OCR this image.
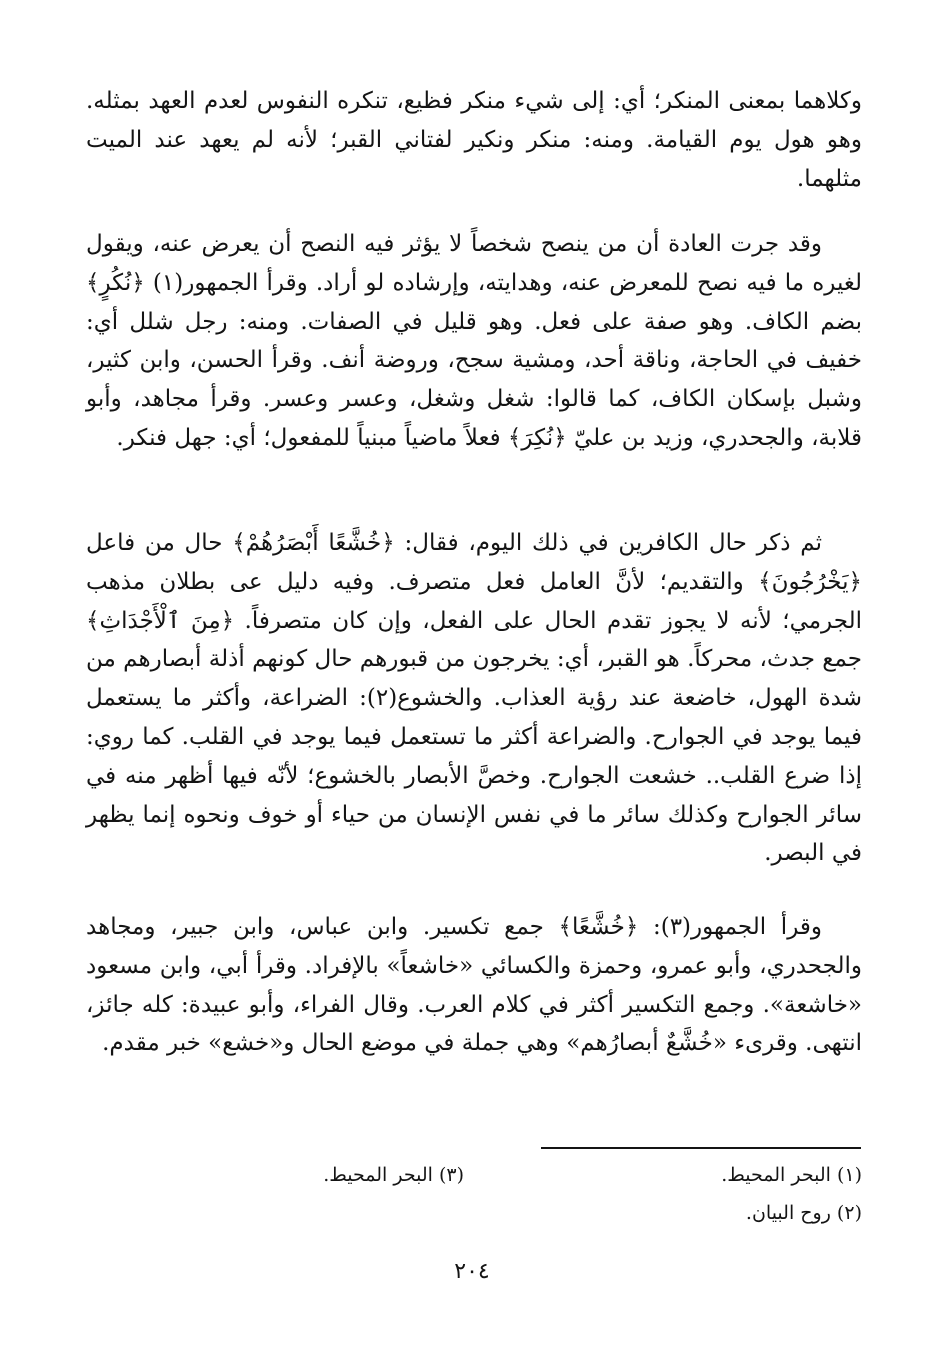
وكلاهما بمعنى المنكر؛ أي: إلى شيء منكر فظيع، تنكره النفوس لعدم العهد بمثله. وهو هول يوم القيامة. ومنه: منكر ونكير لفتاني القبر؛ لأنه لم يعهد عند الميت مثلهما.

وقد جرت العادة أن من ينصح شخصاً لا يؤثر فيه النصح أن يعرض عنه، ويقول لغيره ما فيه نصح للمعرض عنه، وهدايته، وإرشاده لو أراد. وقرأ الجمهور(١) ﴿نُكُرٍ﴾ بضم الكاف. وهو صفة على فعل. وهو قليل في الصفات. ومنه: رجل شلل أي: خفيف في الحاجة، وناقة أحد، ومشية سجح، وروضة أنف. وقرأ الحسن، وابن كثير، وشبل بإسكان الكاف، كما قالوا: شغل وشغل، وعسر وعسر. وقرأ مجاهد، وأبو قلابة، والجحدري، وزيد بن عليّ ﴿نُكِرَ﴾ فعلاً ماضياً مبنياً للمفعول؛ أي: جهل فنكر.

ثم ذكر حال الكافرين في ذلك اليوم، فقال: ﴿خُشَّعًا أَبْصَرُهُمْ﴾ حال من فاعل ﴿يَخْرُجُونَ﴾ والتقديم؛ لأنَّ العامل فعل متصرف. وفيه دليل عى بطلان مذهب الجرمي؛ لأنه لا يجوز تقدم الحال على الفعل، وإن كان متصرفاً. ﴿مِنَ ٱلْأَجْدَاثِ﴾ جمع جدث، محركاً. هو القبر، أي: يخرجون من قبورهم حال كونهم أذلة أبصارهم من شدة الهول، خاضعة عند رؤية العذاب. والخشوع(٢): الضراعة، وأكثر ما يستعمل فيما يوجد في الجوارح. والضراعة أكثر ما تستعمل فيما يوجد في القلب. كما روي: إذا ضرع القلب.. خشعت الجوارح. وخصَّ الأبصار بالخشوع؛ لأنّه فيها أظهر منه في سائر الجوارح وكذلك سائر ما في نفس الإنسان من حياء أو خوف ونحوه إنما يظهر في البصر.

وقرأ الجمهور(٣): ﴿خُشَّعًا﴾ جمع تكسير. وابن عباس، وابن جبير، ومجاهد والجحدري، وأبو عمرو، وحمزة والكسائي «خاشعاً» بالإفراد. وقرأ أبي، وابن مسعود «خاشعة». وجمع التكسير أكثر في كلام العرب. وقال الفراء، وأبو عبيدة: كله جائز، انتهى. وقرىء «خُشَّعٌ أبصارُهم» وهي جملة في موضع الحال و«خشع» خبر مقدم.

(١) البحر المحيط.
(٢) روح البيان.
(٣) البحر المحيط.
٢٠٤
